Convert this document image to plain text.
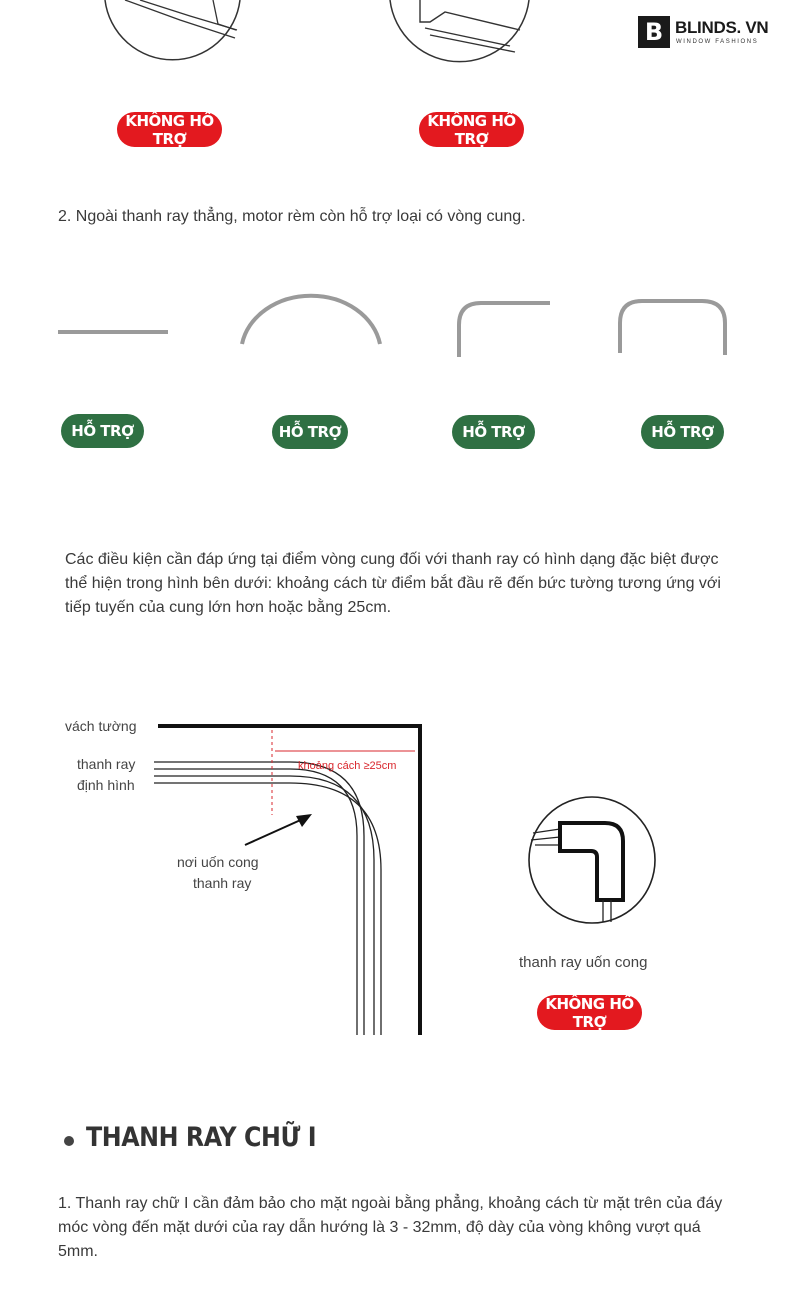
B BLINDS. VN
WINDOW FASHIONS
KHÔNG HỖ TRỢ
KHÔNG HỖ TRỢ
2. Ngoài thanh ray thẳng, motor rèm còn hỗ trợ loại có vòng cung.
HỖ TRỢ	HỖ TRỢ	HỖ TRỢ	HỖ TRỢ
Các điều kiện cần đáp ứng tại điểm vòng cung đối với thanh ray có hình dạng đặc biệt được thể hiện trong hình bên dưới: khoảng cách từ điểm bắt đầu rẽ đến bức tường tương ứng với tiếp tuyến của cung lớn hơn hoặc bằng 25cm.
vách tường
thanh ray
định hình
khoảng cách ≥25cm
nơi uốn cong
thanh ray
thanh ray uốn cong
KHÔNG HỖ TRỢ
THANH RAY CHỮ I
1. Thanh ray chữ I cần đảm bảo cho mặt ngoài bằng phẳng, khoảng cách từ mặt trên của đáy móc vòng đến mặt dưới của ray dẫn hướng là 3 - 32mm, độ dày của vòng không vượt quá 5mm.
